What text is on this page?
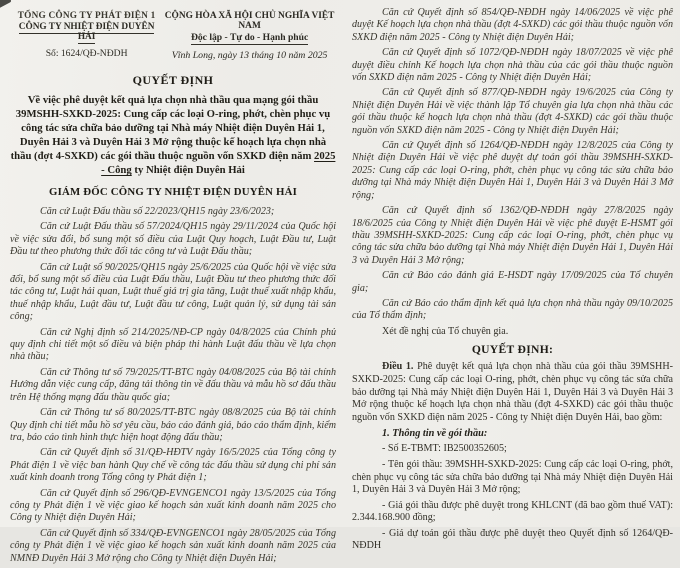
TỔNG CÔNG TY PHÁT ĐIỆN 1
CÔNG TY NHIỆT ĐIỆN DUYÊN HẢI
Số: 1624/QĐ-NĐDH
CỘNG HÒA XÃ HỘI CHỦ NGHĨA VIỆT NAM
Độc lập - Tự do - Hạnh phúc
Vĩnh Long, ngày 13 tháng 10 năm 2025
QUYẾT ĐỊNH
Về việc phê duyệt kết quả lựa chọn nhà thầu qua mạng gói thầu 39MSHH-SXKD-2025: Cung cấp các loại O-ring, phớt, chèn phục vụ công tác sửa chữa bảo dưỡng tại Nhà máy Nhiệt điện Duyên Hải 1, Duyên Hải 3 và Duyên Hải 3 Mở rộng thuộc kế hoạch lựa chọn nhà thầu (đợt 4-SXKD) các gói thầu thuộc nguồn vốn SXKD điện năm 2025 - Công ty Nhiệt điện Duyên Hải
GIÁM ĐỐC CÔNG TY NHIỆT ĐIỆN DUYÊN HẢI

Căn cứ Luật Đấu thầu số 22/2023/QH15 ngày 23/6/2023;

Căn cứ Luật Đấu thầu số 57/2024/QH15 ngày 29/11/2024 của Quốc hội về việc sửa đổi, bổ sung một số điều của Luật Quy hoạch, Luật Đầu tư, Luật Đầu tư theo phương thức đối tác công tư và Luật Đấu thầu;

Căn cứ Luật số 90/2025/QH15 ngày 25/6/2025 của Quốc hội về việc sửa đổi, bổ sung một số điều của Luật Đấu thầu, Luật Đầu tư theo phương thức đối tác công tư, Luật hải quan, Luật thuế giá trị gia tăng, Luật thuế xuất nhập khẩu, thuế nhập khẩu, Luật đầu tư, Luật đầu tư công, Luật quản lý, sử dụng tài sản công;

Căn cứ Nghị định số 214/2025/NĐ-CP ngày 04/8/2025 của Chính phủ quy định chi tiết một số điều và biện pháp thi hành Luật đấu thầu về lựa chọn nhà thầu;

Căn cứ Thông tư số 79/2025/TT-BTC ngày 04/08/2025 của Bộ tài chính Hướng dẫn việc cung cấp, đăng tải thông tin về đấu thầu và mẫu hồ sơ đấu thầu trên Hệ thống mạng đấu thầu quốc gia;

Căn cứ Thông tư số 80/2025/TT-BTC ngày 08/8/2025 của Bộ tài chính Quy định chi tiết mẫu hồ sơ yêu cầu, báo cáo đánh giá, báo cáo thẩm định, kiểm tra, báo cáo tình hình thực hiện hoạt động đấu thầu;

Căn cứ Quyết định số 31/QĐ-HĐTV ngày 16/5/2025 của Tổng công ty Phát điện 1 về việc ban hành Quy chế về công tác đấu thầu sử dụng chi phí sản xuất kinh doanh trong Tổng công ty Phát điện 1;

Căn cứ Quyết định số 296/QĐ-EVNGENCO1 ngày 13/5/2025 của Tổng công ty Phát điện 1 về việc giao kế hoạch sản xuất kinh doanh năm 2025 cho Công ty Nhiệt điện Duyên Hải;

Căn cứ Quyết định số 334/QĐ-EVNGENCO1 ngày 28/05/2025 của Tổng công ty Phát điện 1 về việc giao kế hoạch sản xuất kinh doanh năm 2025 của NMNĐ Duyên Hải 3 Mở rộng cho Công ty Nhiệt điện Duyên Hải;

Căn cứ Quyết định số 854/QĐ-NĐDH ngày 14/06/2025 về việc phê duyệt Kế hoạch lựa chọn nhà thầu (đợt 4-SXKD) các gói thầu thuộc nguồn vốn SXKD điện năm 2025 - Công ty Nhiệt điện Duyên Hải;

Căn cứ Quyết định số 1072/QĐ-NĐDH ngày 18/07/2025 về việc phê duyệt điều chỉnh Kế hoạch lựa chọn nhà thầu của các gói thầu thuộc nguồn vốn SXKD điện năm 2025 - Công ty Nhiệt điện Duyên Hải;

Căn cứ Quyết định số 877/QĐ-NĐDH ngày 19/6/2025 của Công ty Nhiệt điện Duyên Hải về việc thành lập Tổ chuyên gia lựa chọn nhà thầu các gói thầu thuộc kế hoạch lựa chọn nhà thầu (đợt 4-SXKD) các gói thầu thuộc nguồn vốn SXKD điện năm 2025 - Công ty Nhiệt điện Duyên Hải;

Căn cứ Quyết định số 1264/QĐ-NĐDH ngày 12/8/2025 của Công ty Nhiệt điện Duyên Hải về việc phê duyệt dự toán gói thầu 39MSHH-SXKD-2025: Cung cấp các loại O-ring, phớt, chèn phục vụ công tác sửa chữa bảo dưỡng tại Nhà máy Nhiệt điện Duyên Hải 1, Duyên Hải 3 và Duyên Hải 3 Mở rộng;

Căn cứ Quyết định số 1362/QĐ-NĐDH ngày 27/8/2025 ngày 18/6/2025 của Công ty Nhiệt điện Duyên Hải về việc phê duyệt E-HSMT gói thầu 39MSHH-SXKD-2025: Cung cấp các loại O-ring, phớt, chèn phục vụ công tác sửa chữa bảo dưỡng tại Nhà máy Nhiệt điện Duyên Hải 1, Duyên Hải 3 và Duyên Hải 3 Mở rộng;

Căn cứ Báo cáo đánh giá E-HSDT ngày 17/09/2025 của Tổ chuyên gia;

Căn cứ Báo cáo thẩm định kết quả lựa chọn nhà thầu ngày 09/10/2025 của Tổ thẩm định;

Xét đề nghị của Tổ chuyên gia.

QUYẾT ĐỊNH:

Điều 1. Phê duyệt kết quả lựa chọn nhà thầu của gói thầu 39MSHH-SXKD-2025: Cung cấp các loại O-ring, phớt, chèn phục vụ công tác sửa chữa bảo dưỡng tại Nhà máy Nhiệt điện Duyên Hải 1, Duyên Hải 3 và Duyên Hải 3 Mở rộng thuộc kế hoạch lựa chọn nhà thầu (đợt 4-SXKD) các gói thầu thuộc nguồn vốn SXKD điện năm 2025 - Công ty Nhiệt điện Duyên Hải, bao gồm:

1. Thông tin về gói thầu:

- Số E-TBMT: IB2500352605;

- Tên gói thầu: 39MSHH-SXKD-2025: Cung cấp các loại O-ring, phớt, chèn phục vụ công tác sửa chữa bảo dưỡng tại Nhà máy Nhiệt điện Duyên Hải 1, Duyên Hải 3 và Duyên Hải 3 Mở rộng;

- Giá gói thầu được phê duyệt trong KHLCNT (đã bao gồm thuế VAT): 2.344.168.900 đồng;

- Giá dự toán gói thầu được phê duyệt theo Quyết định số 1264/QĐ-NĐDH
